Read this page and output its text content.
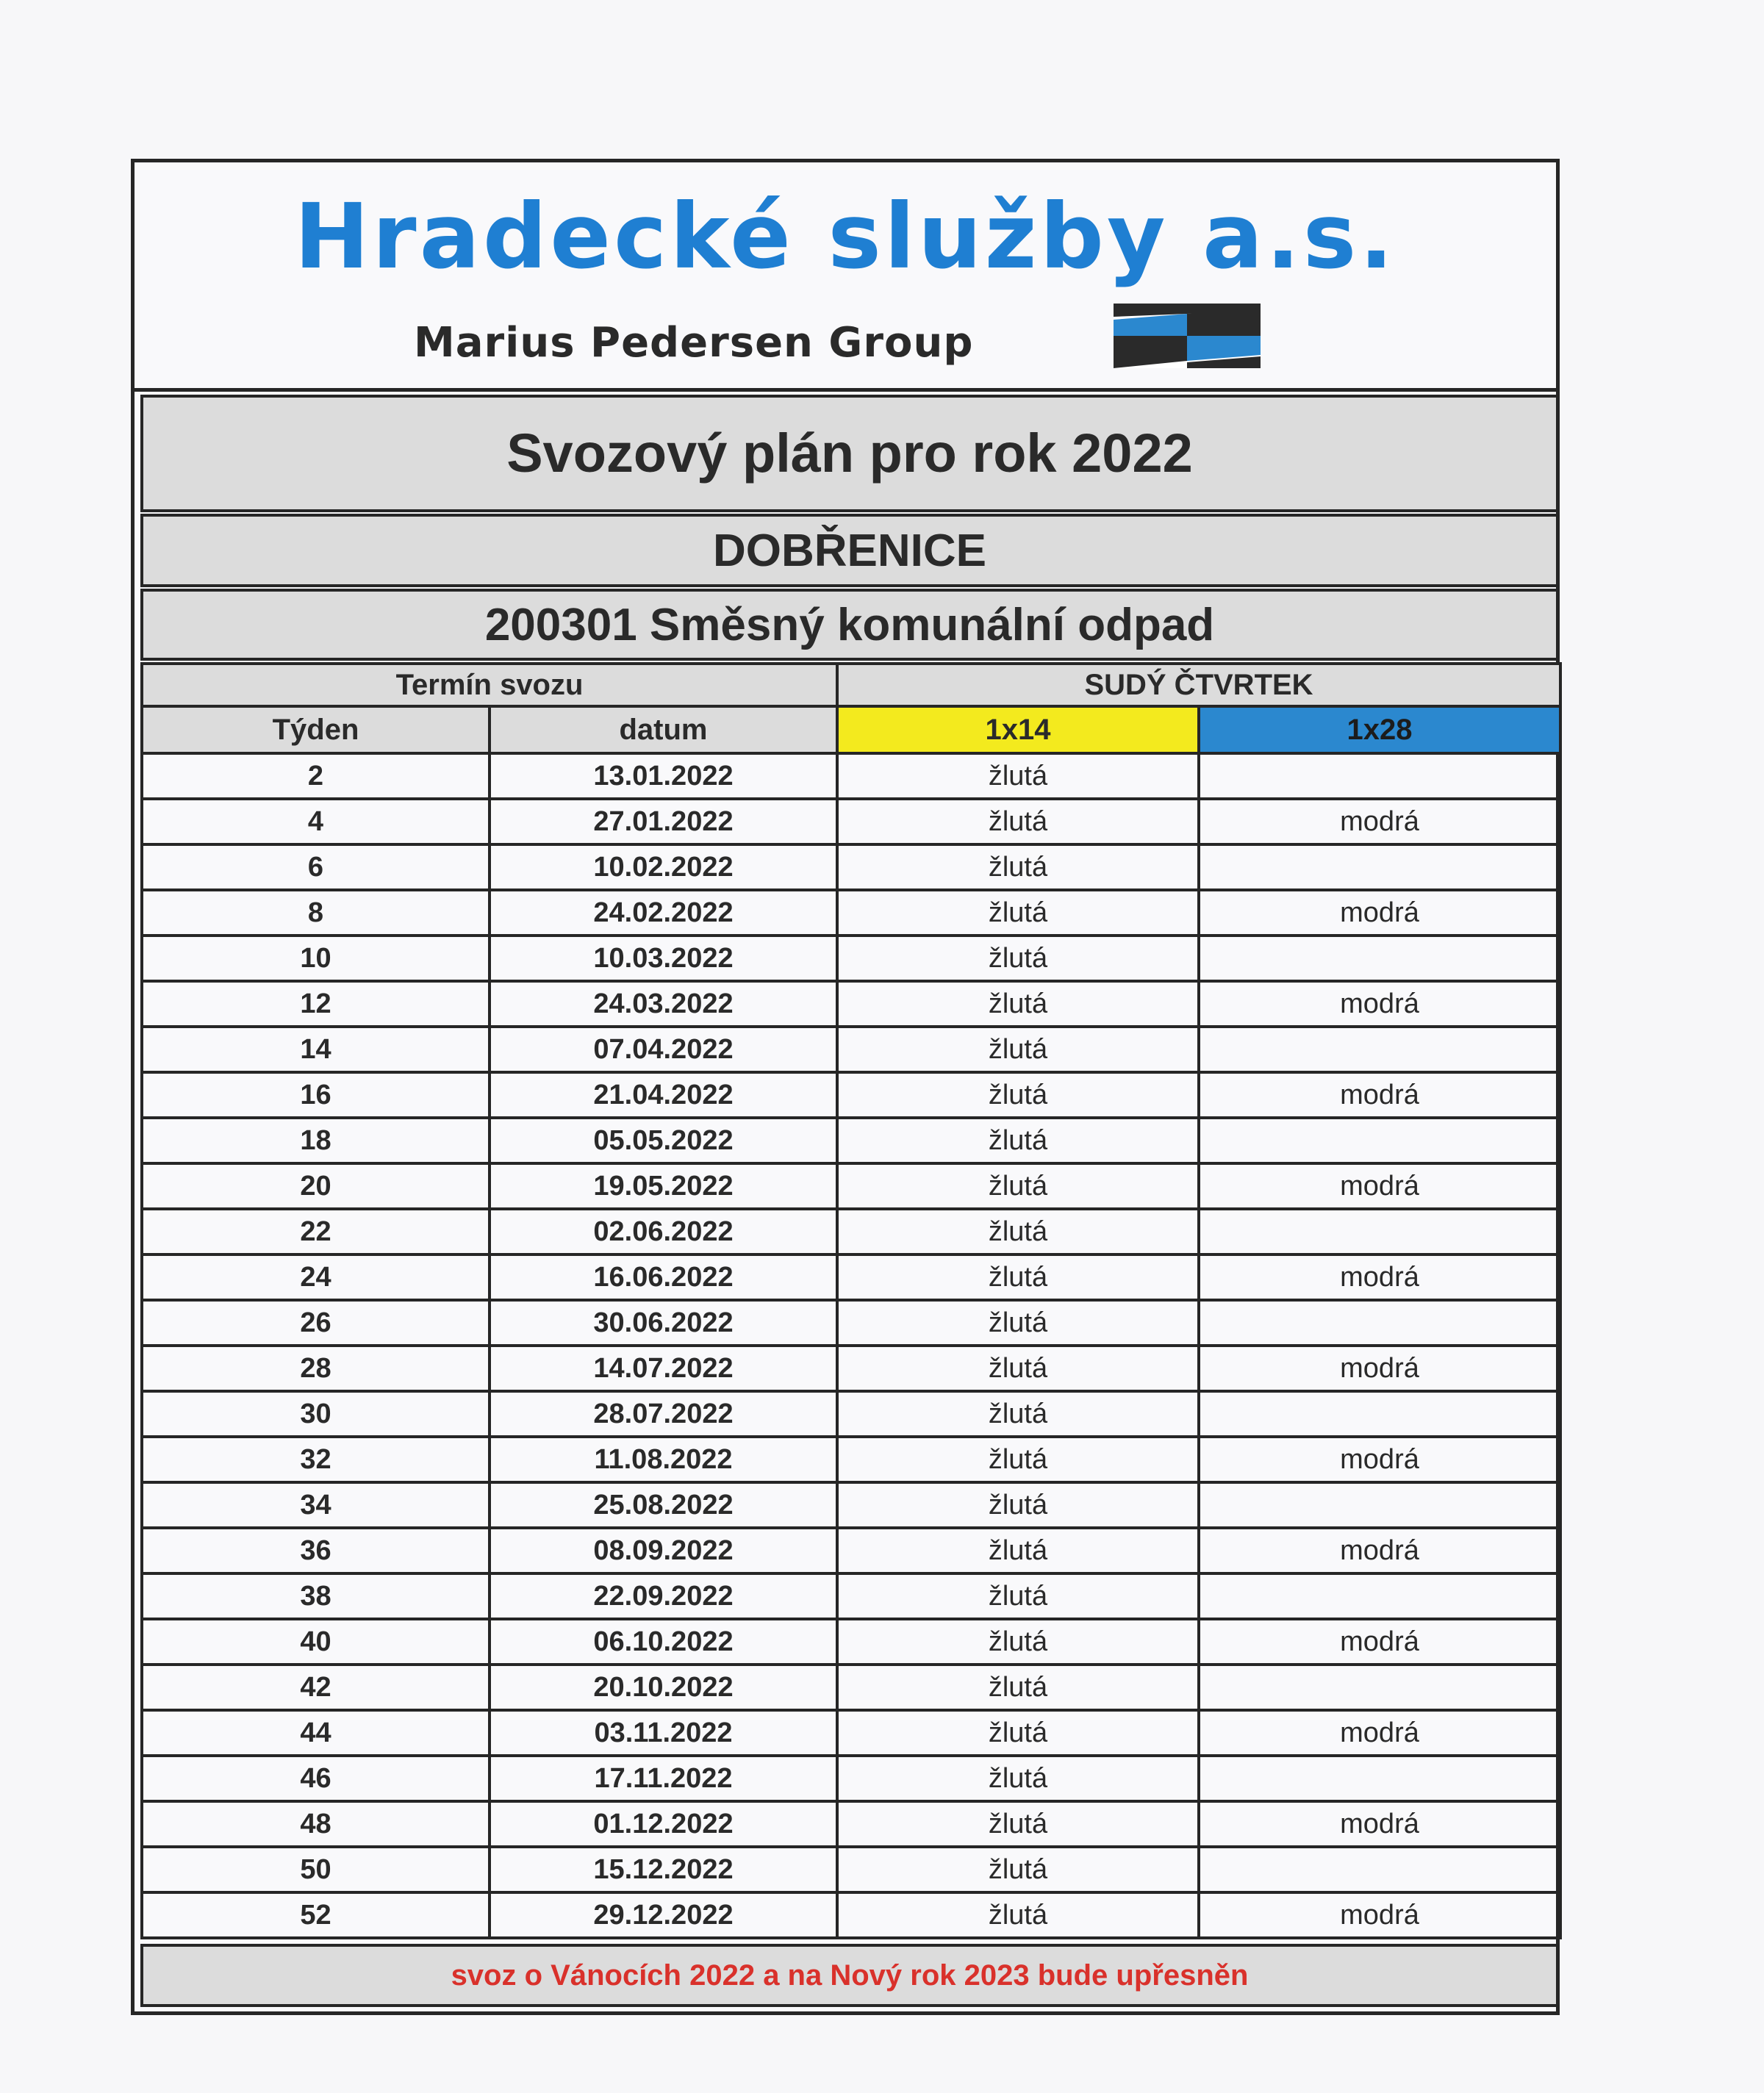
Hradecké služby a.s.
Marius Pedersen Group
Svozový plán pro rok 2022
DOBŘENICE
200301 Směsný komunální odpad
Termín svozu		SUDÝ ČTVRTEK	
Týden	datum	1x14	1x28
2	13.01.2022	žlutá	
4	27.01.2022	žlutá	modrá
6	10.02.2022	žlutá	
8	24.02.2022	žlutá	modrá
10	10.03.2022	žlutá	
12	24.03.2022	žlutá	modrá
14	07.04.2022	žlutá	
16	21.04.2022	žlutá	modrá
18	05.05.2022	žlutá	
20	19.05.2022	žlutá	modrá
22	02.06.2022	žlutá	
24	16.06.2022	žlutá	modrá
26	30.06.2022	žlutá	
28	14.07.2022	žlutá	modrá
30	28.07.2022	žlutá	
32	11.08.2022	žlutá	modrá
34	25.08.2022	žlutá	
36	08.09.2022	žlutá	modrá
38	22.09.2022	žlutá	
40	06.10.2022	žlutá	modrá
42	20.10.2022	žlutá	
44	03.11.2022	žlutá	modrá
46	17.11.2022	žlutá	
48	01.12.2022	žlutá	modrá
50	15.12.2022	žlutá	
52	29.12.2022	žlutá	modrá
svoz o Vánocích 2022 a na Nový rok 2023 bude upřesněn
